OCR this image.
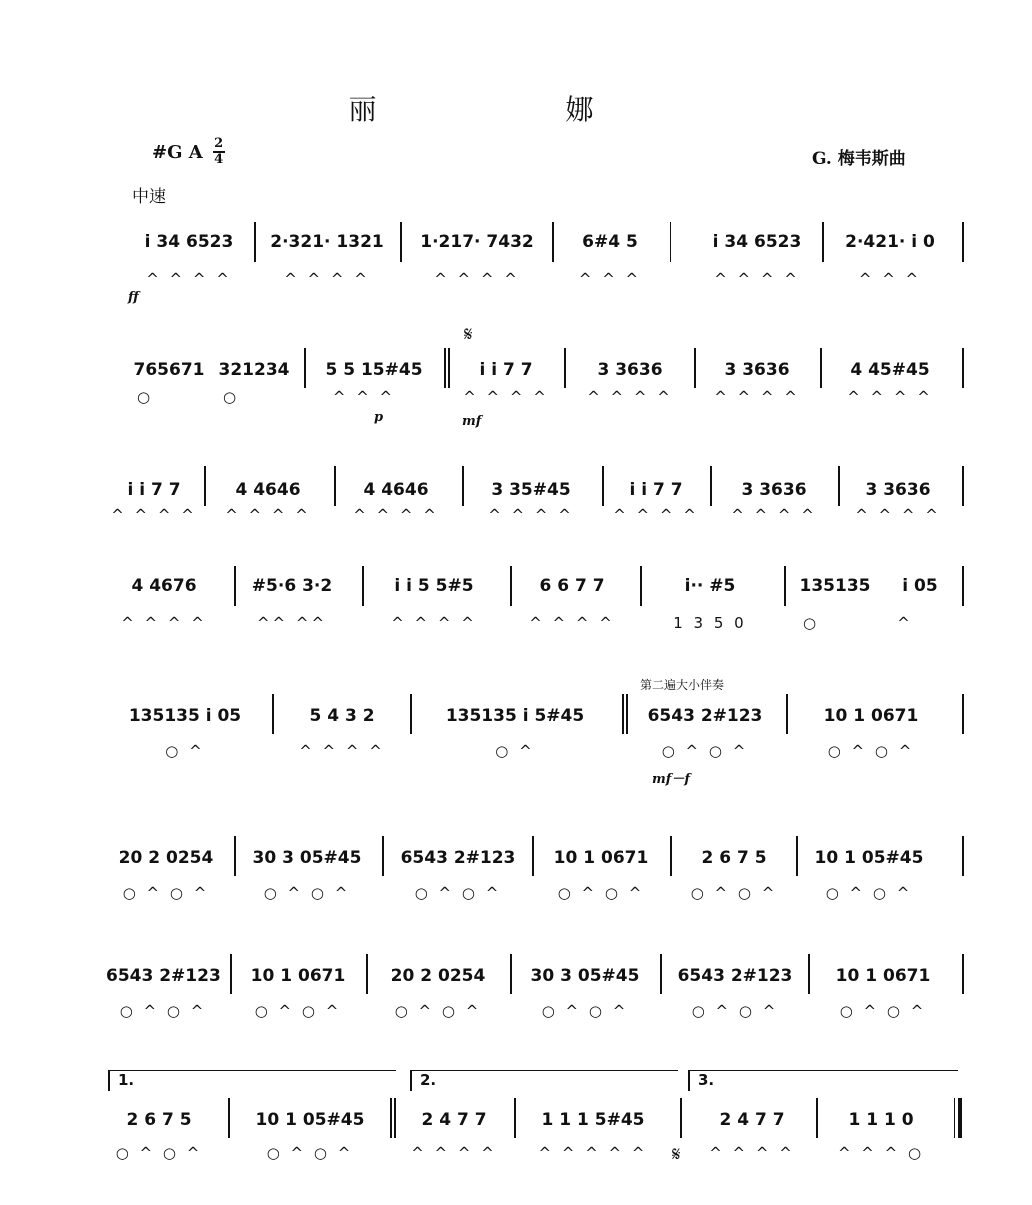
丽 娜
#G A 2
4	G. 梅韦斯曲
中速
i 34 6523	2·321· 1321	1·217· 7432	6#4 5	i 34 6523	2·421· i 0
^ ^ ^ ^	^ ^ ^ ^	^ ^ ^ ^	^ ^ ^	^ ^ ^ ^	^ ^ ^
ff
765671 321234	5 5 15#45	i i 7 7	3 3636	3 3636	4 45#45
○	○	^ ^ ^	^ ^ ^ ^	^ ^ ^ ^	^ ^ ^ ^	^ ^ ^ ^
p	mf
𝄋
i i 7 7	4 4646	4 4646	3 35#45	i i 7 7	3 3636	3 3636
^ ^ ^ ^	^ ^ ^ ^	^ ^ ^ ^	^ ^ ^ ^	^ ^ ^ ^	^ ^ ^ ^	^ ^ ^ ^
4 4676	#5·6 3·2	i i 5 5#5	6 6 7 7	i·· #5	135135	i 05
^ ^ ^ ^	^^ ^^	^ ^ ^ ^	^ ^ ^ ^	1 3 5 0	○	^
第二遍大小伴奏
135135 i 05	5 4 3 2	135135 i 5#45	6543 2#123	10 1 0671
○ ^	^ ^ ^ ^	○ ^	○ ^ ○ ^	○ ^ ○ ^
mf－f
20 2 0254	30 3 05#45	6543 2#123	10 1 0671	2 6 7 5	10 1 05#45
○ ^ ○ ^	○ ^ ○ ^	○ ^ ○ ^	○ ^ ○ ^	○ ^ ○ ^	○ ^ ○ ^
6543 2#123	10 1 0671	20 2 0254	30 3 05#45	6543 2#123	10 1 0671
○ ^ ○ ^	○ ^ ○ ^	○ ^ ○ ^	○ ^ ○ ^	○ ^ ○ ^	○ ^ ○ ^
1.	2.	3.
2 6 7 5	10 1 05#45	2 4 7 7	1 1 1 5#45	2 4 7 7	1 1 1 0
○ ^ ○ ^	○ ^ ○ ^	^ ^ ^ ^	^ ^ ^ ^ ^	^ ^ ^ ^	^ ^ ^ ○
𝄋
